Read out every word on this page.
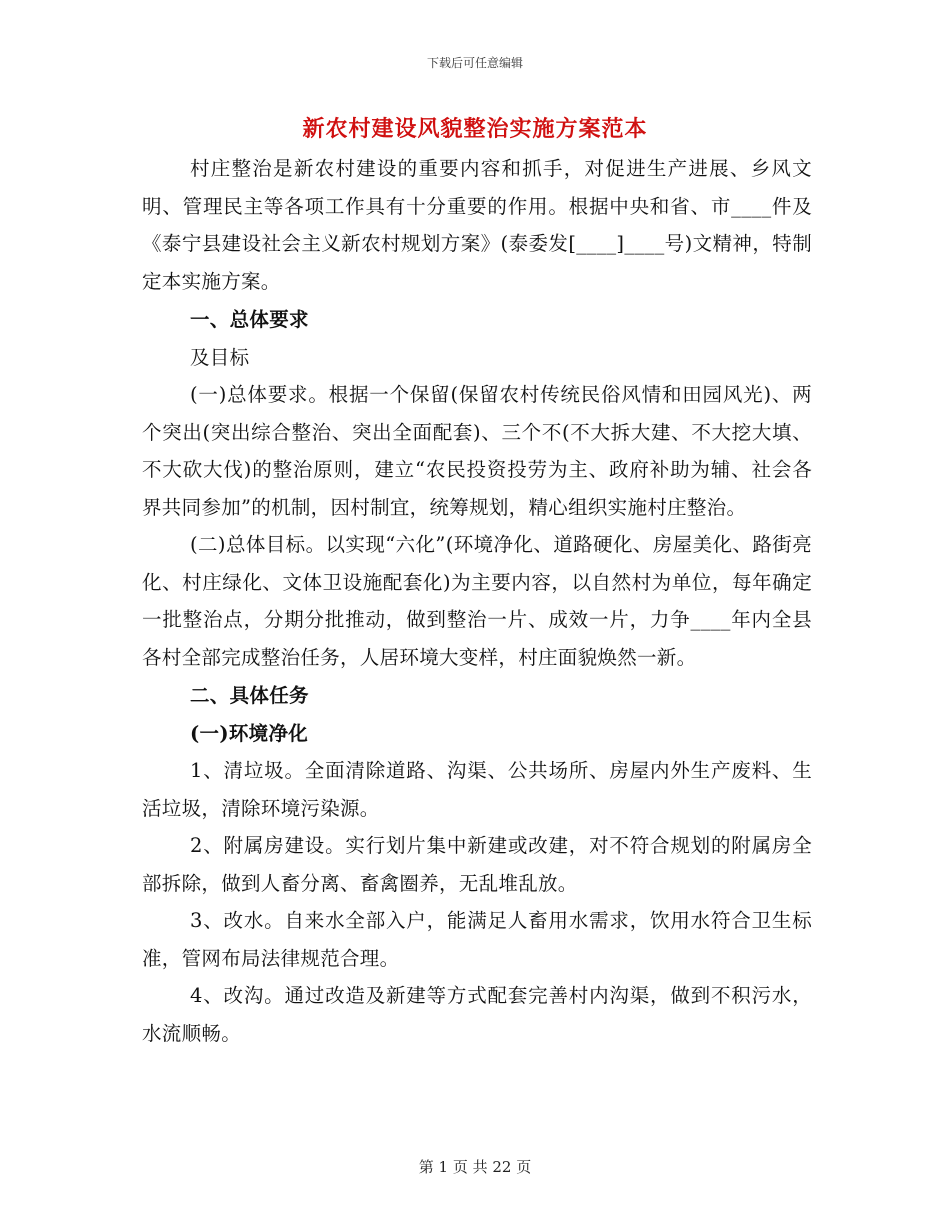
下载后可任意编辑
新农村建设风貌整治实施方案范本

村庄整治是新农村建设的重要内容和抓手，对促进生产进展、乡风文明、管理民主等各项工作具有十分重要的作用。根据中央和省、市____件及《泰宁县建设社会主义新农村规划方案》(泰委发[____]____号)文精神，特制定本实施方案。

一、总体要求

及目标

(一)总体要求。根据一个保留(保留农村传统民俗风情和田园风光)、两个突出(突出综合整治、突出全面配套)、三个不(不大拆大建、不大挖大填、不大砍大伐)的整治原则，建立“农民投资投劳为主、政府补助为辅、社会各界共同参加”的机制，因村制宜，统筹规划，精心组织实施村庄整治。

(二)总体目标。以实现“六化”(环境净化、道路硬化、房屋美化、路街亮化、村庄绿化、文体卫设施配套化)为主要内容，以自然村为单位，每年确定一批整治点，分期分批推动，做到整治一片、成效一片，力争____年内全县各村全部完成整治任务，人居环境大变样，村庄面貌焕然一新。

二、具体任务

(一)环境净化

1、清垃圾。全面清除道路、沟渠、公共场所、房屋内外生产废料、生活垃圾，清除环境污染源。

2、附属房建设。实行划片集中新建或改建，对不符合规划的附属房全部拆除，做到人畜分离、畜禽圈养，无乱堆乱放。

3、改水。自来水全部入户，能满足人畜用水需求，饮用水符合卫生标准，管网布局法律规范合理。

4、改沟。通过改造及新建等方式配套完善村内沟渠，做到不积污水，水流顺畅。

第 1 页 共 22 页
